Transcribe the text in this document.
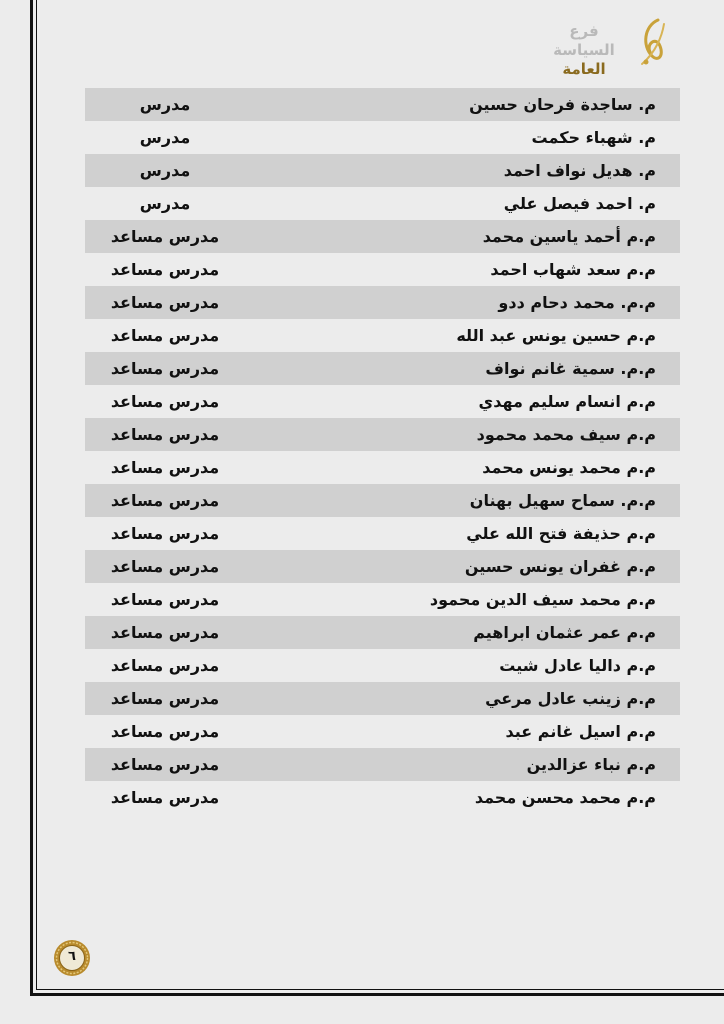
فرع السياسة
العامة
م. ساجدة فرحان حسين
مدرس
م. شهباء حكمت
مدرس
م. هديل نواف احمد
مدرس
م. احمد فيصل علي
مدرس
م.م أحمد ياسين محمد
مدرس مساعد
م.م سعد شهاب احمد
مدرس مساعد
م.م. محمد دحام ددو
مدرس مساعد
م.م حسين يونس عبد الله
مدرس مساعد
م.م. سمية غانم نواف
مدرس مساعد
م.م انسام سليم مهدي
مدرس مساعد
م.م سيف محمد محمود
مدرس مساعد
م.م محمد يونس محمد
مدرس مساعد
م.م. سماح سهيل بهنان
مدرس مساعد
م.م حذيفة فتح الله علي
مدرس مساعد
م.م غفران يونس حسين
مدرس مساعد
م.م محمد سيف الدين محمود
مدرس مساعد
م.م عمر عثمان ابراهيم
مدرس مساعد
م.م داليا عادل شيت
مدرس مساعد
م.م زينب عادل مرعي
مدرس مساعد
م.م اسيل غانم عبد
مدرس مساعد
م.م نباء عزالدين
مدرس مساعد
م.م محمد محسن محمد
مدرس مساعد
٦
